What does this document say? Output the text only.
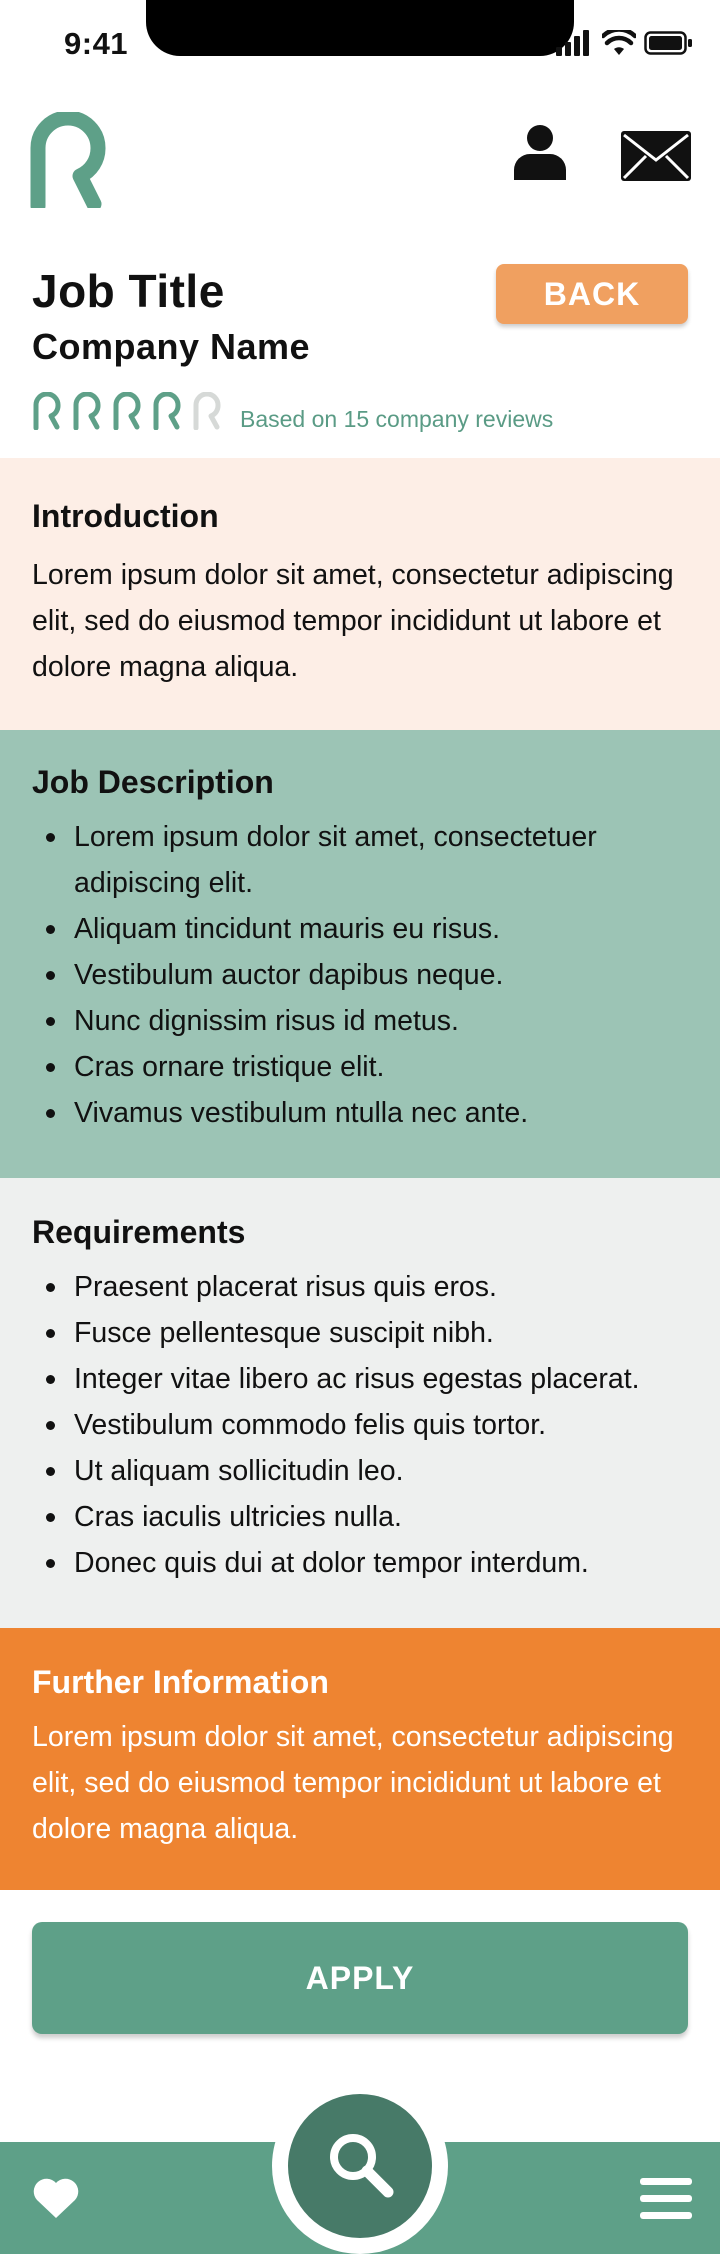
9:41
Job Title
Company Name
BACK
Based on 15 company reviews
Introduction

Lorem ipsum dolor sit amet, consectetur adipiscing elit, sed do eiusmod tempor incididunt ut labore et dolore magna aliqua.

Job Description
Lorem ipsum dolor sit amet, consectetuer adipiscing elit.
Aliquam tincidunt mauris eu risus.
Vestibulum auctor dapibus neque.
Nunc dignissim risus id metus.
Cras ornare tristique elit.
Vivamus vestibulum ntulla nec ante.
Requirements
Praesent placerat risus quis eros.
Fusce pellentesque suscipit nibh.
Integer vitae libero ac risus egestas placerat.
Vestibulum commodo felis quis tortor.
Ut aliquam sollicitudin leo.
Cras iaculis ultricies nulla.
Donec quis dui at dolor tempor interdum.
Further Information

Lorem ipsum dolor sit amet, consectetur adipiscing elit, sed do eiusmod tempor incididunt ut labore et dolore magna aliqua.

APPLY
